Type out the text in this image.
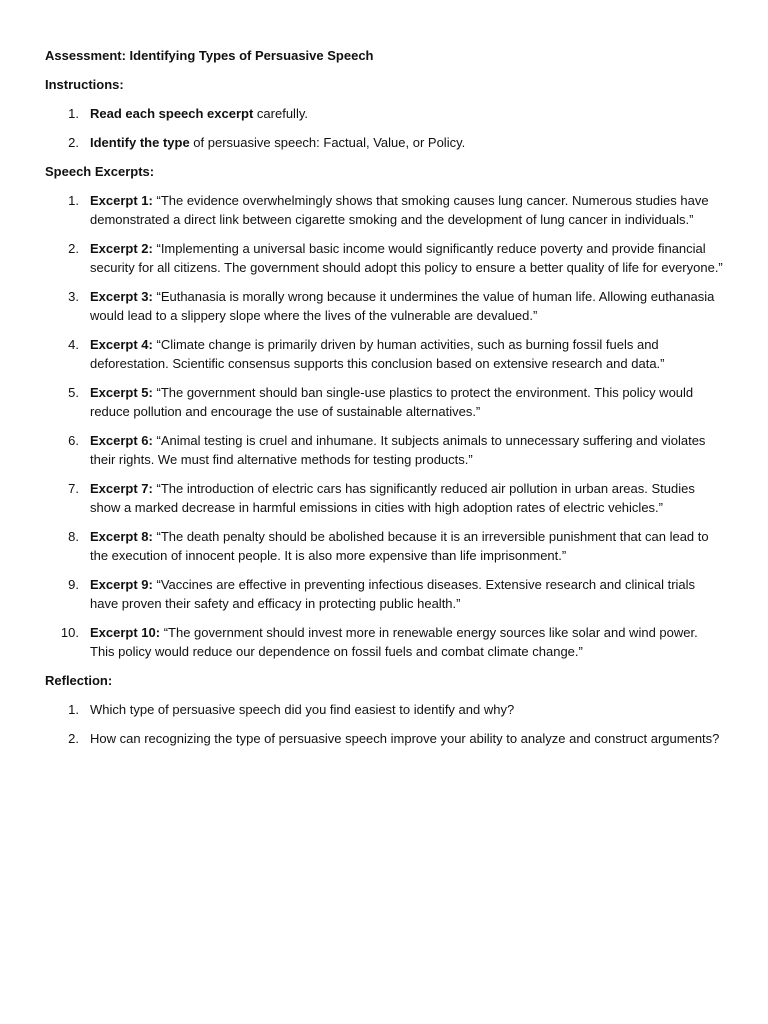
Assessment: Identifying Types of Persuasive Speech
Instructions:
1. Read each speech excerpt carefully.
2. Identify the type of persuasive speech: Factual, Value, or Policy.
Speech Excerpts:
1. Excerpt 1: “The evidence overwhelmingly shows that smoking causes lung cancer. Numerous studies have demonstrated a direct link between cigarette smoking and the development of lung cancer in individuals.”
2. Excerpt 2: “Implementing a universal basic income would significantly reduce poverty and provide financial security for all citizens. The government should adopt this policy to ensure a better quality of life for everyone.”
3. Excerpt 3: “Euthanasia is morally wrong because it undermines the value of human life. Allowing euthanasia would lead to a slippery slope where the lives of the vulnerable are devalued.”
4. Excerpt 4: “Climate change is primarily driven by human activities, such as burning fossil fuels and deforestation. Scientific consensus supports this conclusion based on extensive research and data.”
5. Excerpt 5: “The government should ban single-use plastics to protect the environment. This policy would reduce pollution and encourage the use of sustainable alternatives.”
6. Excerpt 6: “Animal testing is cruel and inhumane. It subjects animals to unnecessary suffering and violates their rights. We must find alternative methods for testing products.”
7. Excerpt 7: “The introduction of electric cars has significantly reduced air pollution in urban areas. Studies show a marked decrease in harmful emissions in cities with high adoption rates of electric vehicles.”
8. Excerpt 8: “The death penalty should be abolished because it is an irreversible punishment that can lead to the execution of innocent people. It is also more expensive than life imprisonment.”
9. Excerpt 9: “Vaccines are effective in preventing infectious diseases. Extensive research and clinical trials have proven their safety and efficacy in protecting public health.”
10. Excerpt 10: “The government should invest more in renewable energy sources like solar and wind power. This policy would reduce our dependence on fossil fuels and combat climate change.”
Reflection:
1. Which type of persuasive speech did you find easiest to identify and why?
2. How can recognizing the type of persuasive speech improve your ability to analyze and construct arguments?
